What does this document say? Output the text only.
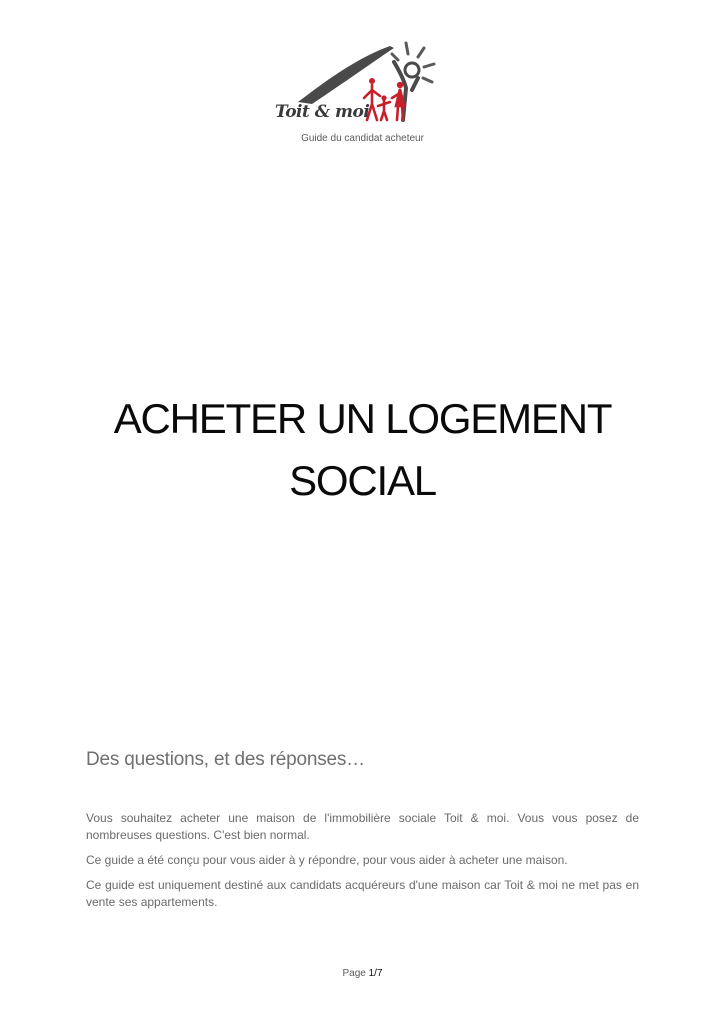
Toit & moi
Guide du candidat acheteur
ACHETER UN LOGEMENT
SOCIAL
Des questions, et des réponses…

Vous souhaitez acheter une maison de l'immobilière sociale Toit & moi. Vous vous posez de nombreuses questions. C'est bien normal.

Ce guide a été conçu pour vous aider à y répondre, pour vous aider à acheter une maison.

Ce guide est uniquement destiné aux candidats acquéreurs d'une maison car Toit & moi ne met pas en vente ses appartements.

Page 1/7
